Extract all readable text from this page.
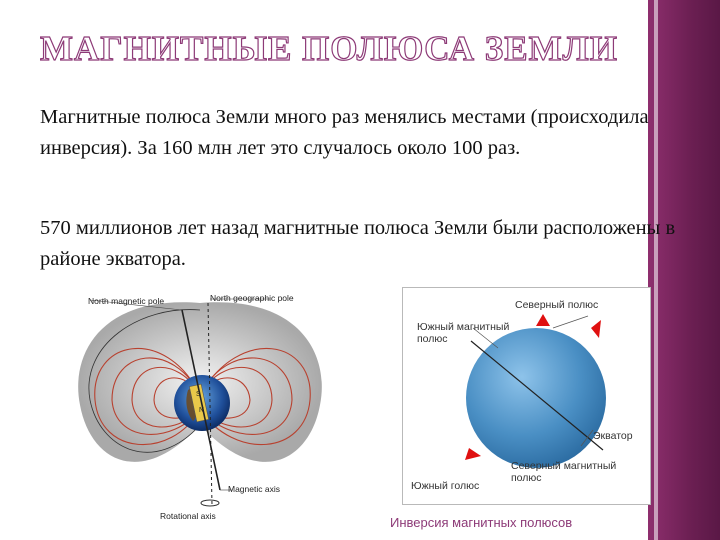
МАГНИТНЫЕ ПОЛЮСА ЗЕМЛИ

Магнитные полюса Земли много раз менялись местами (происходила инверсия). За 160 млн лет это случалось около 100 раз.

570 миллионов лет назад магнитные полюса Земли были расположены в районе экватора.

North magnetic pole	North geographic pole
Magnetic axis
Rotational axis
S
N
Северный полюс
Южный магнитный полюс
Экватор
Южный голюс
Северный магнитный полюс
Инверсия магнитных полюсов
